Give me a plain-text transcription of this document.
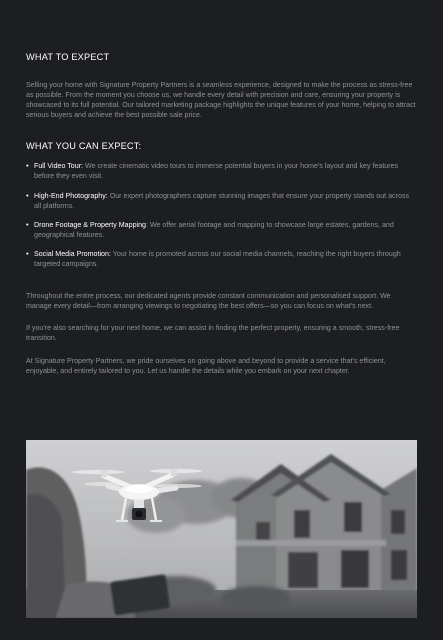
WHAT TO EXPECT

Selling your home with Signature Property Partners is a seamless experience, designed to make the process as stress-free as possible. From the moment you choose us, we handle every detail with precision and care, ensuring your property is showcased to its full potential. Our tailored marketing package highlights the unique features of your home, helping to attract serious buyers and achieve the best possible sale price.

WHAT YOU CAN EXPECT:
• Full Video Tour: We create cinematic video tours to immerse potential buyers in your home's layout and key features before they even visit.
• High-End Photography: Our expert photographers capture stunning images that ensure your property stands out across all platforms.
• Drone Footage & Property Mapping: We offer aerial footage and mapping to showcase large estates, gardens, and geographical features.
• Social Media Promotion: Your home is promoted across our social media channels, reaching the right buyers through targeted campaigns.

Throughout the entire process, our dedicated agents provide constant communication and personalised support. We manage every detail—from arranging viewings to negotiating the best offers—so you can focus on what's next.

If you're also searching for your next home, we can assist in finding the perfect property, ensuring a smooth, stress-free transition.

At Signature Property Partners, we pride ourselves on going above and beyond to provide a service that's efficient, enjoyable, and entirely tailored to you. Let us handle the details while you embark on your next chapter.
